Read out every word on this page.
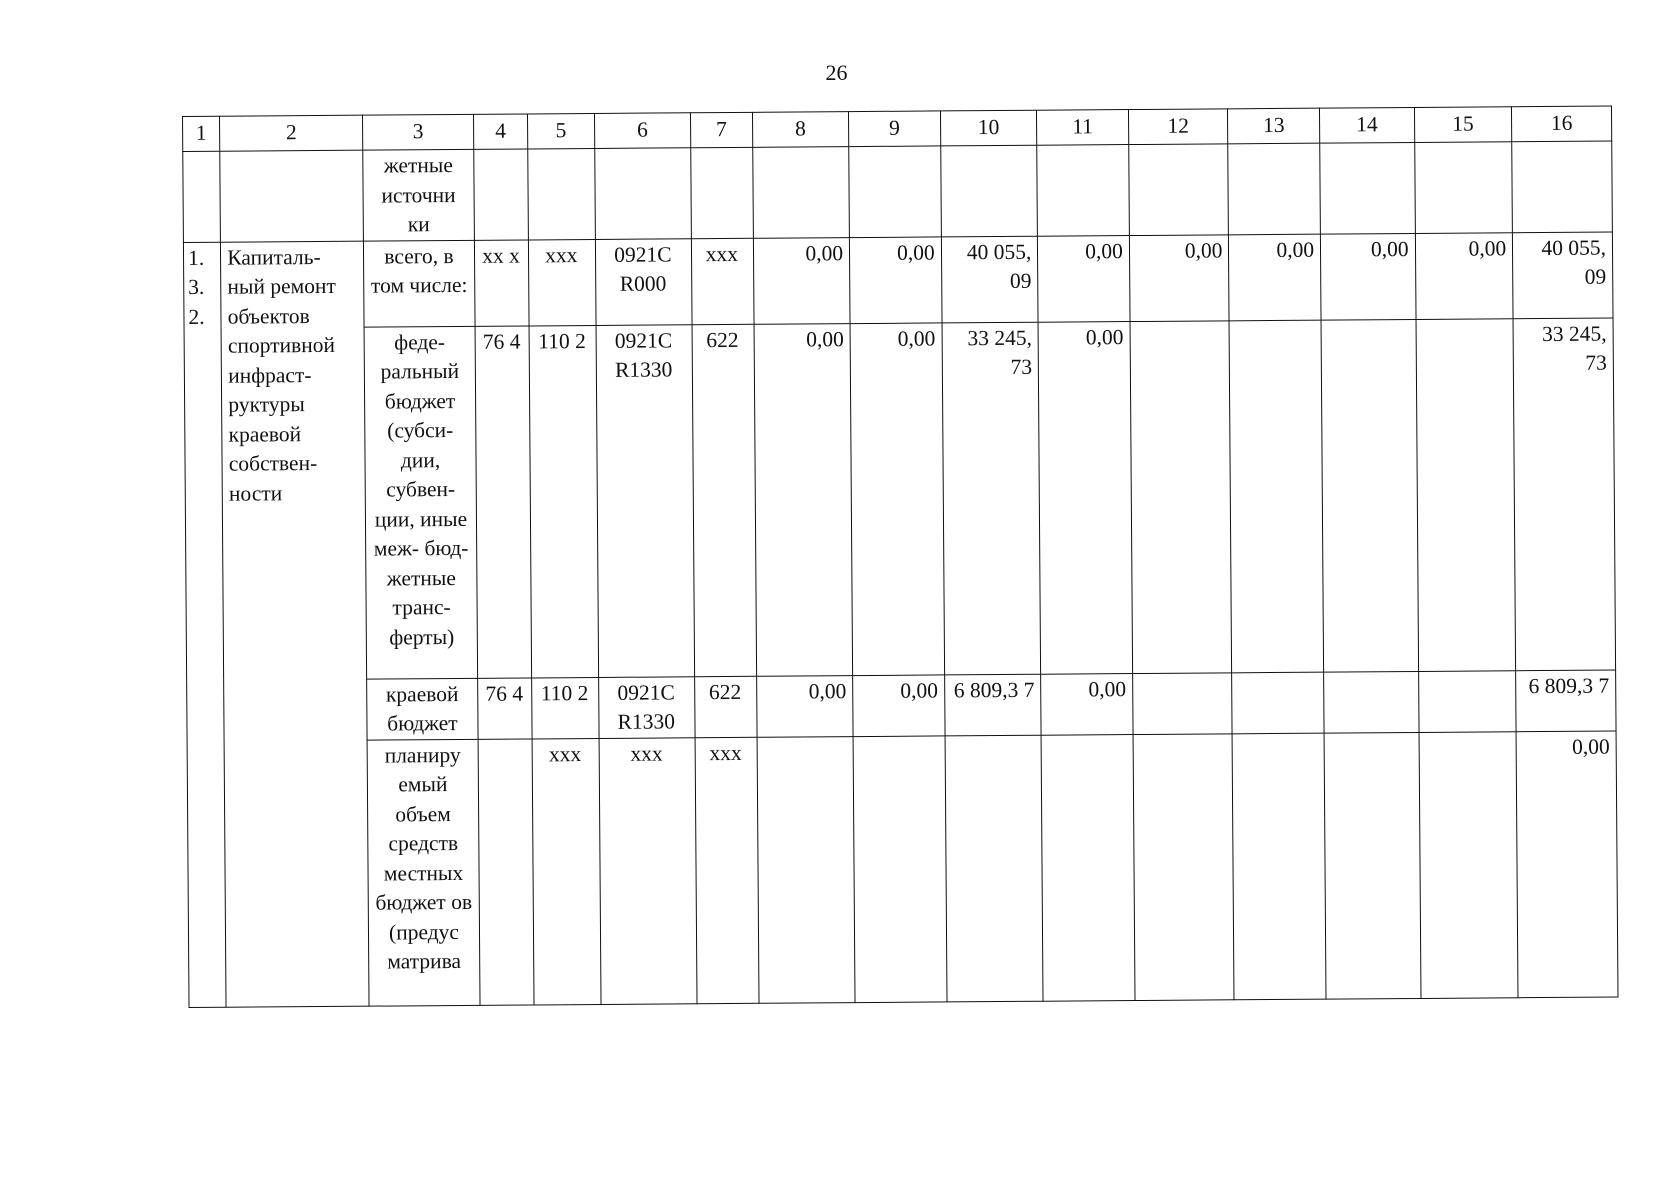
26
1	2	3	4	5	6	7	8	9	10	11	12	13	14	15	16
		жетные источни ки													
1. 3. 2.	Капиталь- ный ремонт объектов спортивной инфраст- руктуры краевой собствен- ности	всего, в том числе:	xx x	xxx	0921C R000	xxx	0,00	0,00	40 055, 09	0,00	0,00	0,00	0,00	0,00	40 055, 09
		феде- ральный бюджет (субси- дии, субвен- ции, иные меж- бюд- жетные транс- ферты)	76 4	110 2	0921C R1330	622	0,00	0,00	33 245, 73	0,00					33 245, 73
		краевой бюджет	76 4	110 2	0921C R1330	622	0,00	0,00	6 809,3 7	0,00					6 809,3 7
		планиру емый объем средств местных бюджет ов (предус матрива		xxx	xxx	xxx									0,00
